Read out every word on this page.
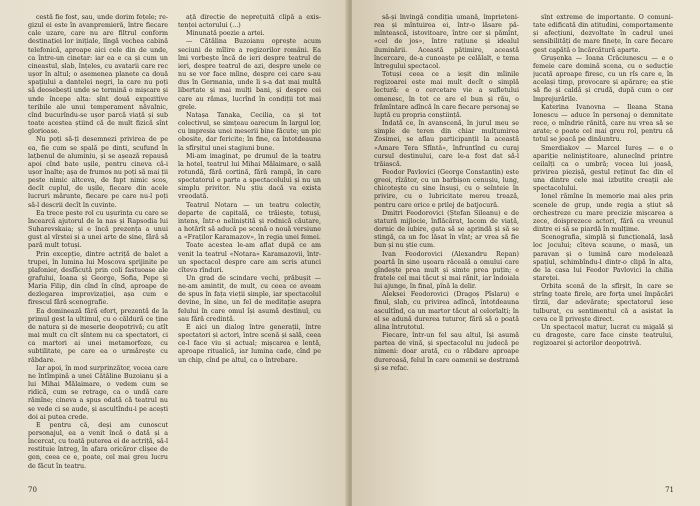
cestă fie fost, sau, unde dorim fețele; regizul ei este în avanpremieră, între fiecare cale uzare, care nu are filtrul conform destinației lor inițiale, lîngă vechea cabină telefonică, aproape aici cele din de unde, ca între-un cinetar: iar ea e ca și cum un cineastul, slab, înțeles, cu avatarii care rec ușor în altul; o asemenea planete ca două spațiului a dantelei negri, la care nu poți să deosebești unde se termină o mișcare și unde începe alta: sînt două expozitive teribile ale unui temperament năvalnic, cînd bucurîndu-se ușor parcă viață și sub toate acestea știind că de mult fizică sînt glorioase.

Nu poți să-ți desemnezi privirea de pe ea, fie cum se spală pe dinti, scufund în lațbenul de aluminiu, și se așează repausă apoi cînd bate ușile, pentru cineva că-i ușor înalte; așa de frumos nu poți să mai ții peste nimic altceva, de fapt nimic scos, decît cuplul, de ușile, fiecare din acele lucruri mărunte, fiecare pe care nu-l poți să-l descrii decît în cuvinte.

Ea trece peste rol cu ușurința cu care se încearcă ajutorul de la nas și Rapsodia lui Suharevskaia; și e încă prezența a unui gust al vîrstei și a unei arte de sine, fără să pară mult totuși.

Prin excepție, dintre actriță de balet a trupei, în lumina lui Moscova sprijinite pe plafonier, desfăcută prin coli fastuoase ale grafului, Ioana și George, Sofia, Pepe și Maria Filip, din cînd în cînd, aproape de dezlegarea improvizației, așa cum e firescul fără scenografie.

Ea dominează fără efort, prezentă de la primul gest la ultimul, cu o căldură ce ține de natura și de meserie deopotrivă; cu atît mai mult cu cît sîntem nu ca spectatori, ci ca martori ai unei metamorfoze, cu subtilitate, pe care ea o urmărește cu răbdare.

Iar apoi, în mod surprinzător, vocea care ne întîmpină a unei Cătăline Buzoianu și a lui Mihai Mălaimare, o vedem cum se ridică, cum se retrage, ca o undă care rămîne; cineva a spus odată că teatrul nu se vede ci se aude, și ascultîndu-i pe acești doi ai putea crede.

E pentru că, deși am cunoscut personajul, ea a venit încă o dată și a încercat, cu toată puterea ei de actriță, să-l restituie întreg, în afara oricăror clișee de gen, ceea ce e, poate, cel mai greu lucru de făcut în teatru.

ață direcție de neprețuită clipă a existenței actorului (...)

Minunată poezie a artei.

— Cătălina Buzoianu oprește acum seciuni de mîlire a regizorilor români. Ea îmi vorbește încă de ieri despre teatrul de ieri, despre teatrul de azi, despre unele ce nu se vor face mîine, despre cei care s-au dus în Germania, unde li s-a dat mai multă libertate și mai mulți bani, și despre cei care au rămas, lucrînd în condiții tot mai grele.

Natașa Tanaka, Cecilia, ca și tot colectivul, se simțeau oarecum în largul lor, cu impresia unei meserii bine făcute; un pic obosite, dar fericite; în fine, ca întotdeauna la sfîrșitul unei stagiuni bune.

Mi-am imaginat, pe drumul de la teatru la hotel, teatrul lui Mihai Mălaimare, o sală rotundă, fără cortină, fără rampă, în care spectatorul e parte a spectacolului și nu un simplu privitor. Nu știu dacă va exista vreodată.

Teatrul Notara — un teatru colectiv, departe de capitală, ce trăiește, totuși, intens, într-o neliniștită și rodnică căutare, a hotărît să aducă pe scenă o nouă versiune a «Fraților Karamazov», în regia unei femei.

Toate acestea le-am aflat după ce am venit la teatrul «Notara» Karamazovii, într-un spectacol despre care am scris atunci cîteva rînduri.

Un grad de scindare vechi, prăbușit — ne-am amintit, de mult, cu ceea ce aveam de spus în fața vieții simple, iar spectacolul devine, în sine, un fel de meditație asupra felului în care omul își asumă destinul, cu sau fără credință.

E aici un dialog între generații, între spectatori și actori, între scenă și sală, ceea ce-l face viu și actual; mișcarea e lentă, aproape ritualică, iar lumina cade, cînd pe un chip, cînd pe altul, ca o întrebare.

70

să-și învingă condiția umană, împrietenirea și mîntuirea ei, într-o lăsare pămîntească, istovitoare, între cer și pămînt, «cel de jos», între rațiune și idealul iluminării. Această pătimire, această încercare, de-a cunoaște pe celălalt, e tema întregului spectacol.

Totuși ceea ce a ieșit din mîinile regizoarei este mai mult decît o simplă lectură: e o cercetare vie a sufletului omenesc, în tot ce are el bun și rău, o frămîntare adîncă în care fiecare personaj se luptă cu propria conștiință.

Indată ce, în avanscenă, în jurul meu se simple de teren din chiar mulțumirea Zosimei, se aflau participanții la această «Amare Tera Sfîntă», înfruntînd cu curaj cursul destinului, care le-a fost dat să-l trăiască.

Feodor Pavlovici (George Constantin) este greoi, rîzător, cu un barbișon cenușiu, lung, chicotește cu sine însuși, cu o seînteie în privire, cu o lubricitate mereu trează, pentru care orice e prilej de batjocură.

Dmitri Feodorovici (Ștefan Sileanu) e de statură mijlocie, înflăcărat, lacom de viață, dornic de iubire, gata să se aprindă și să se stingă, ca un foc lăsat în vînt; ar vrea să fie bun și nu știe cum.

Ivan Feodorovici (Alexandru Repan) poartă în sine ușoara răceală a omului care gîndește prea mult și simte prea puțin; e fratele cel mai tăcut și mai rănit, iar îndoiala lui ajunge, în final, pînă la delir.

Aleksei Feodorovici (Dragoș Pîslaru) e finul, slab, cu privirea adîncă, întotdeauna ascultînd, ca un martor tăcut al celorlalți; în el se adună durerea tuturor, fără să o poată alina întrutotul.

Fiecare, într-un fel sau altul, își asumă partea de vină, și spectacolul nu judecă pe nimeni: doar arată, cu o răbdare aproape dureroasă, felul în care oamenii se destramă și se refac.

sînt extreme de importante. O comunitate edificată din atitudini, comportamente și afecțiuni, dezvoltate în cadrul unei sensibilități de mare finețe, în care fiecare gest capătă o încărcătură aparte.

Grușenka — Ioana Crăciunescu — e o femeie care domină scena, cu o seducție jucată aproape firesc, cu un rîs care e, în același timp, provocare și apărare; ea știe să fie și caldă și crudă, după cum o cer împrejurările.

Katerina Ivanovna — Ileana Stana Ionescu — aduce în personaj o demnitate rece, o mîndrie rănită, care nu vrea să se arate; e poate cel mai greu rol, pentru că totul se joacă pe dinăuntru.

Smerdiakov — Marcel Iureș — e o apariție neliniștitoare, alunecînd printre ceilalți ca o umbră; vocea lui joasă, privirea piezișă, gestul reținut fac din el una dintre cele mai izbutite creații ale spectacolului.

Ionel rămîne în memorie mai ales prin scenele de grup, unde regia a știut să orchestreze cu mare precizie mișcarea a zece, doisprezece actori, fără ca vreunul dintre ei să se piardă în mulțime.

Scenografia, simplă și funcțională, lasă loc jocului; cîteva scaune, o masă, un paravan și o lumină care modelează spațiul, schimbîndu-l dintr-o clipă în alta, de la casa lui Feodor Pavlovici la chilia stareței.

Orbita scenă de la sfîrșit, în care se strîng toate firele, are forța unei împăcări tîrzii, dar adevărate; spectatorul iese tulburat, cu sentimentul că a asistat la ceva ce îl privește direct.

Un spectacol matur, lucrat cu migală și cu dragoste, care face cinste teatrului, regizoarei și actorilor deopotrivă.

71
